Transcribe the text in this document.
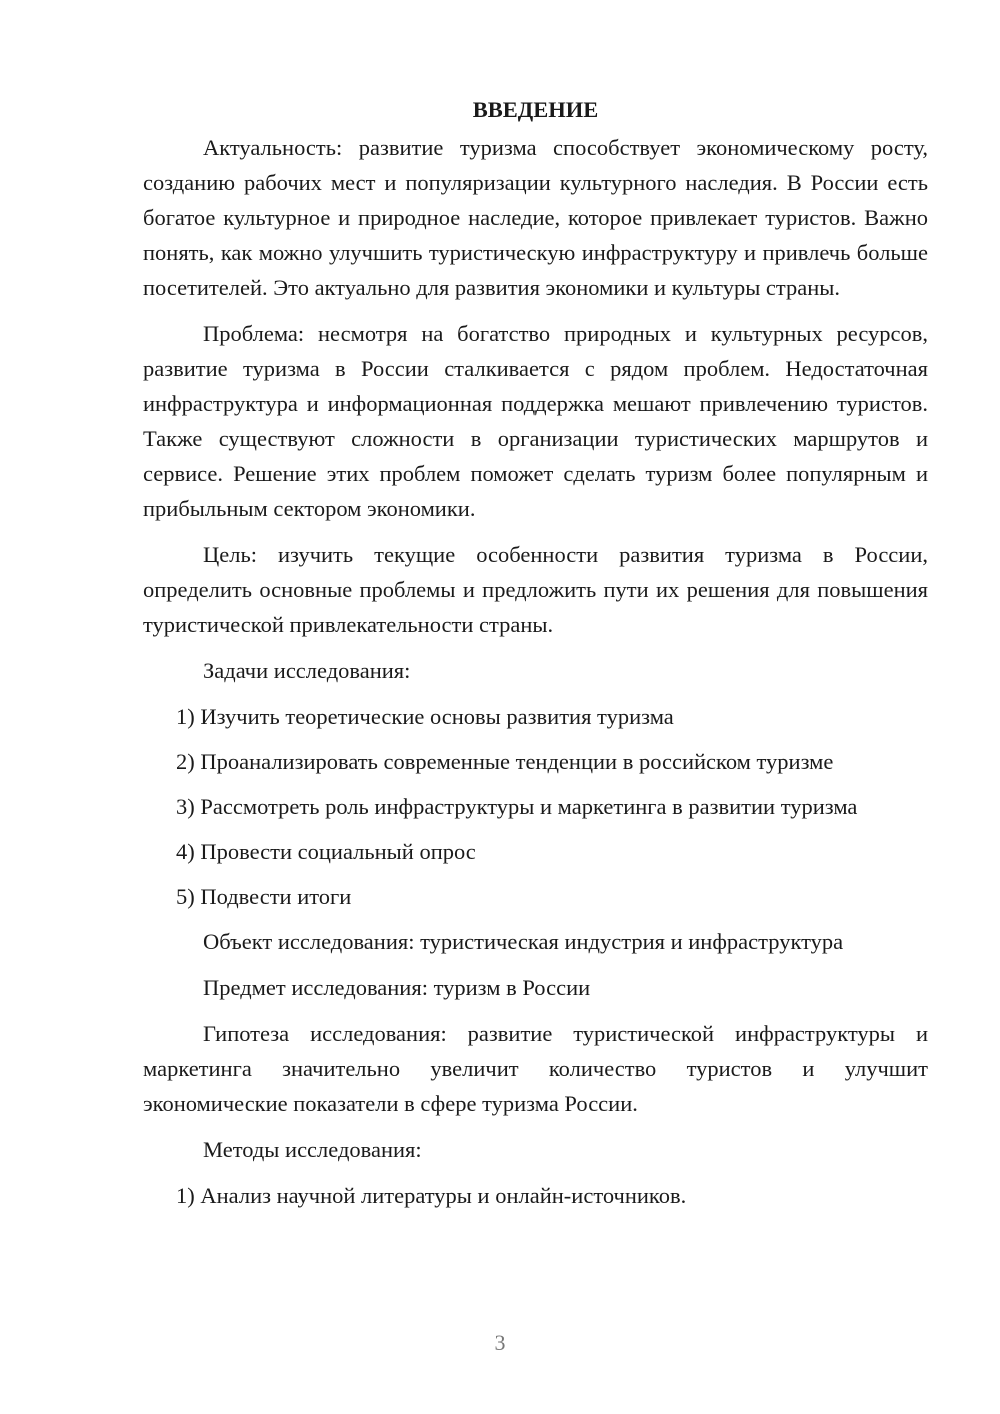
ВВЕДЕНИЕ

Актуальность: развитие туризма способствует экономическому росту, созданию рабочих мест и популяризации культурного наследия. В России есть богатое культурное и природное наследие, которое привлекает туристов. Важно понять, как можно улучшить туристическую инфраструктуру и привлечь больше посетителей. Это актуально для развития экономики и культуры страны.

Проблема: несмотря на богатство природных и культурных ресурсов, развитие туризма в России сталкивается с рядом проблем. Недостаточная инфраструктура и информационная поддержка мешают привлечению туристов. Также существуют сложности в организации туристических маршрутов и сервисе. Решение этих проблем поможет сделать туризм более популярным и прибыльным сектором экономики.

Цель: изучить текущие особенности развития туризма в России, определить основные проблемы и предложить пути их решения для повышения туристической привлекательности страны.

Задачи исследования:

1) Изучить теоретические основы развития туризма

2) Проанализировать современные тенденции в российском туризме

3) Рассмотреть роль инфраструктуры и маркетинга в развитии туризма

4) Провести социальный опрос

5) Подвести итоги

Объект исследования: туристическая индустрия и инфраструктура

Предмет исследования: туризм в России

Гипотеза исследования: развитие туристической инфраструктуры и маркетинга значительно увеличит количество туристов и улучшит экономические показатели в сфере туризма России.

Методы исследования:

1) Анализ научной литературы и онлайн-источников.

3
